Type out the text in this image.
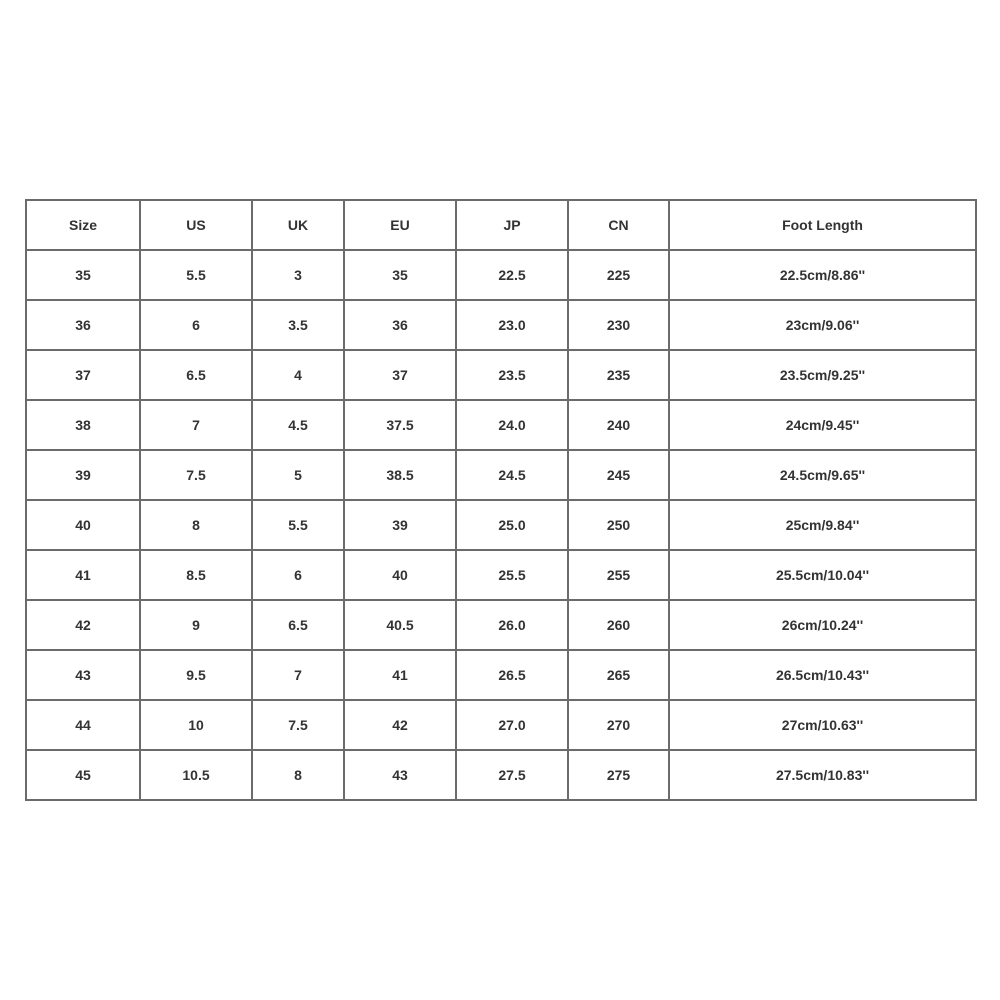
Size	US	UK	EU	JP	CN	Foot Length
35	5.5	3	35	22.5	225	22.5cm/8.86''
36	6	3.5	36	23.0	230	23cm/9.06''
37	6.5	4	37	23.5	235	23.5cm/9.25''
38	7	4.5	37.5	24.0	240	24cm/9.45''
39	7.5	5	38.5	24.5	245	24.5cm/9.65''
40	8	5.5	39	25.0	250	25cm/9.84''
41	8.5	6	40	25.5	255	25.5cm/10.04''
42	9	6.5	40.5	26.0	260	26cm/10.24''
43	9.5	7	41	26.5	265	26.5cm/10.43''
44	10	7.5	42	27.0	270	27cm/10.63''
45	10.5	8	43	27.5	275	27.5cm/10.83''
